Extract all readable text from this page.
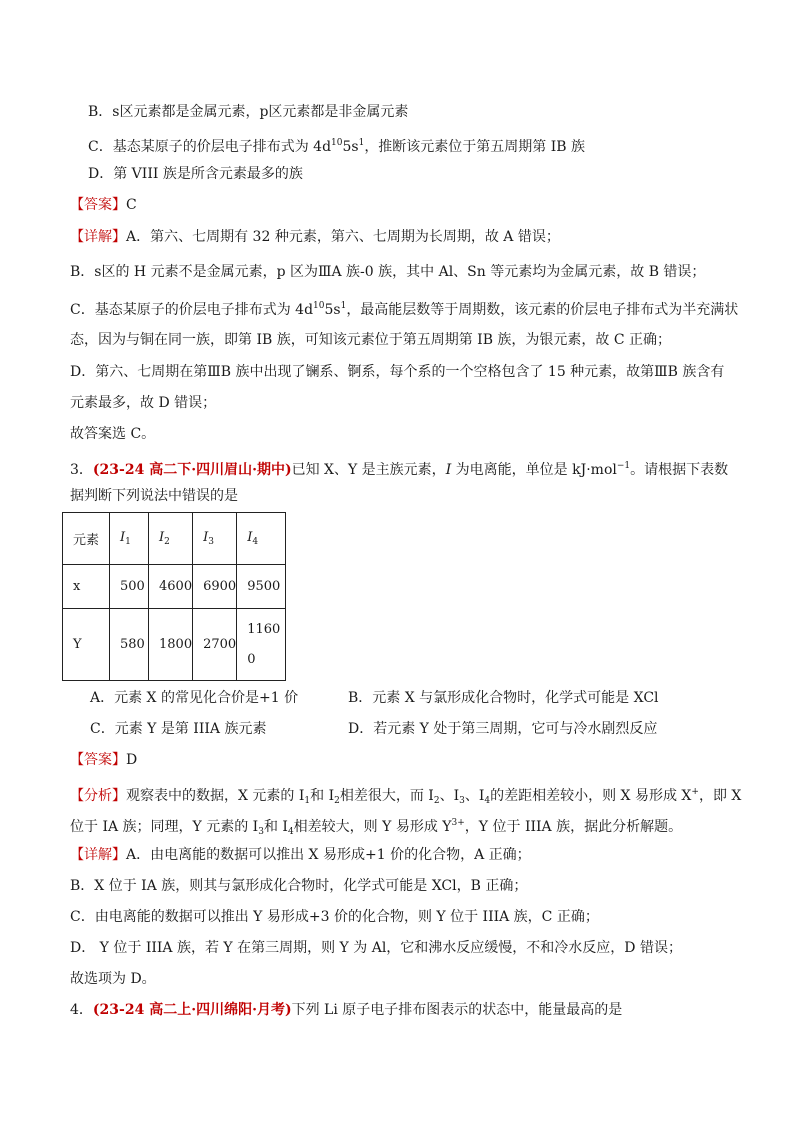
B．s区元素都是金属元素，p区元素都是非金属元素
C．基态某原子的价层电子排布式为 $4d^{10}5s^1$，推断该元素位于第五周期第 IB 族
D．第 VIII 族是所含元素最多的族
【答案】C
【详解】A．第六、七周期有 32 种元素，第六、七周期为长周期，故 A 错误；
B．s区的 H 元素不是金属元素，p 区为ⅢA 族-0 族，其中 Al、Sn 等元素均为金属元素，故 B 错误；
C．基态某原子的价层电子排布式为 $4d^{10}5s^1$，最高能层数等于周期数，该元素的价层电子排布式为半充满状
态，因为与铜在同一族，即第 IB 族，可知该元素位于第五周期第 IB 族，为银元素，故 C 正确；
D．第六、七周期在第ⅢB 族中出现了镧系、锕系，每个系的一个空格包含了 15 种元素，故第ⅢB 族含有
元素最多，故 D 错误；
故答案选 C。
3．(23-24 高二下·四川眉山·期中)已知 X、Y 是主族元素，I 为电离能，单位是 kJ·mol$^{-1}$。请根据下表数
据判断下列说法中错误的是
元素	$I_1$	$I_2$	$I_3$	$I_4$
x	500	4600	6900	9500
Y	580	1800	2700	1160
0
A．元素 X 的常见化合价是+1 价	B．元素 X 与氯形成化合物时，化学式可能是 XCl
C．元素 Y 是第 IIIA 族元素	D．若元素 Y 处于第三周期，它可与冷水剧烈反应
【答案】D
【分析】观察表中的数据，X 元素的 $I_1$和 $I_2$相差很大，而 $I_2$、$I_3$、$I_4$的差距相差较小，则 X 易形成 X+，即 X
位于 IA 族；同理，Y 元素的 $I_3$和 $I_4$相差较大，则 Y 易形成 $Y^{3+}$，Y 位于 IIIA 族，据此分析解题。
【详解】A．由电离能的数据可以推出 X 易形成+1 价的化合物，A 正确；
B．X 位于 IA 族，则其与氯形成化合物时，化学式可能是 XCl，B 正确；
C．由电离能的数据可以推出 Y 易形成+3 价的化合物，则 Y 位于 IIIA 族，C 正确；
D． Y 位于 IIIA 族，若 Y 在第三周期，则 Y 为 Al，它和沸水反应缓慢，不和冷水反应，D 错误；
故选项为 D。
4．(23-24 高二上·四川绵阳·月考)下列 Li 原子电子排布图表示的状态中，能量最高的是
